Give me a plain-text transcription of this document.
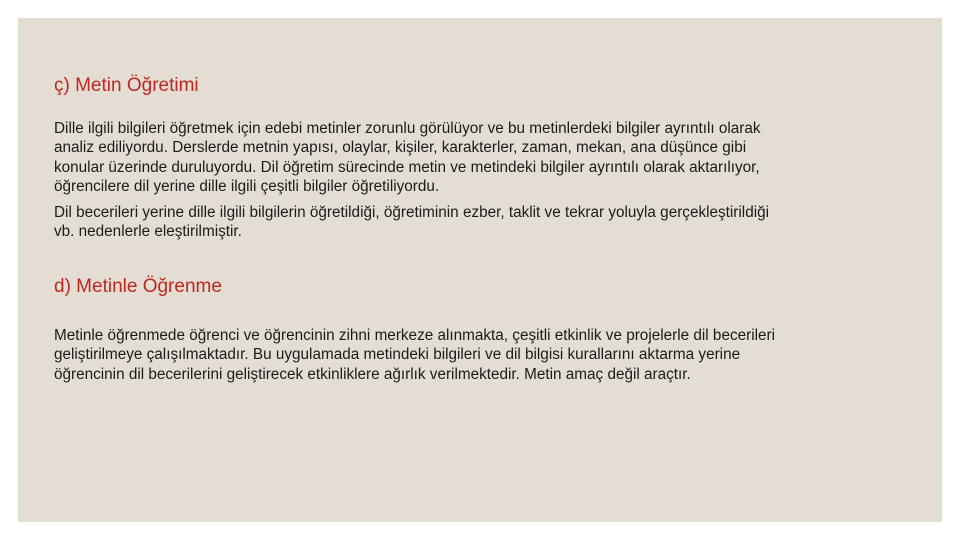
ç) Metin Öğretimi

Dille ilgili bilgileri öğretmek için edebi metinler zorunlu görülüyor ve bu metinlerdeki bilgiler ayrıntılı olarak
analiz ediliyordu. Derslerde metnin yapısı, olaylar, kişiler, karakterler, zaman, mekan, ana düşünce gibi
konular üzerinde duruluyordu. Dil öğretim sürecinde metin ve metindeki bilgiler ayrıntılı olarak aktarılıyor,
öğrencilere dil yerine dille ilgili çeşitli bilgiler öğretiliyordu.

Dil becerileri yerine dille ilgili bilgilerin öğretildiği, öğretiminin ezber, taklit ve tekrar yoluyla gerçekleştirildiği
vb. nedenlerle eleştirilmiştir.

d) Metinle Öğrenme

Metinle öğrenmede öğrenci ve öğrencinin zihni merkeze alınmakta, çeşitli etkinlik ve projelerle dil becerileri
geliştirilmeye çalışılmaktadır. Bu uygulamada metindeki bilgileri ve dil bilgisi kurallarını aktarma yerine
öğrencinin dil becerilerini geliştirecek etkinliklere ağırlık verilmektedir. Metin amaç değil araçtır.
